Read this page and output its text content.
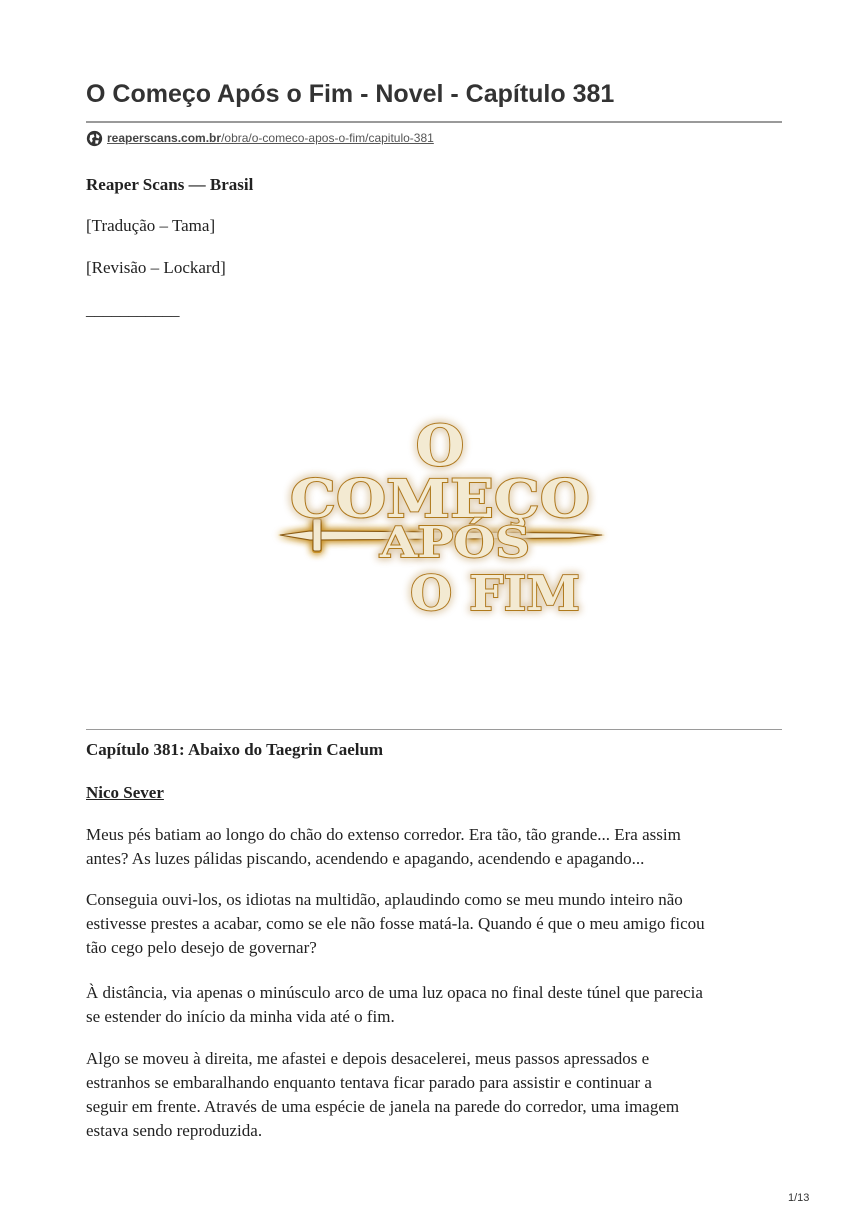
O Começo Após o Fim - Novel - Capítulo 381
reaperscans.com.br/obra/o-comeco-apos-o-fim/capitulo-381
Reaper Scans — Brasil
[Tradução – Tama]
[Revisão – Lockard]
___________
O
COMEÇO
APÓS
O FIM
Capítulo 381: Abaixo do Taegrin Caelum
Nico Sever
Meus pés batiam ao longo do chão do extenso corredor. Era tão, tão grande... Era assim
antes? As luzes pálidas piscando, acendendo e apagando, acendendo e apagando...
Conseguia ouvi-los, os idiotas na multidão, aplaudindo como se meu mundo inteiro não
estivesse prestes a acabar, como se ele não fosse matá-la. Quando é que o meu amigo ficou
tão cego pelo desejo de governar?
À distância, via apenas o minúsculo arco de uma luz opaca no final deste túnel que parecia
se estender do início da minha vida até o fim.
Algo se moveu à direita, me afastei e depois desacelerei, meus passos apressados e
estranhos se embaralhando enquanto tentava ficar parado para assistir e continuar a
seguir em frente. Através de uma espécie de janela na parede do corredor, uma imagem
estava sendo reproduzida.
1/13
